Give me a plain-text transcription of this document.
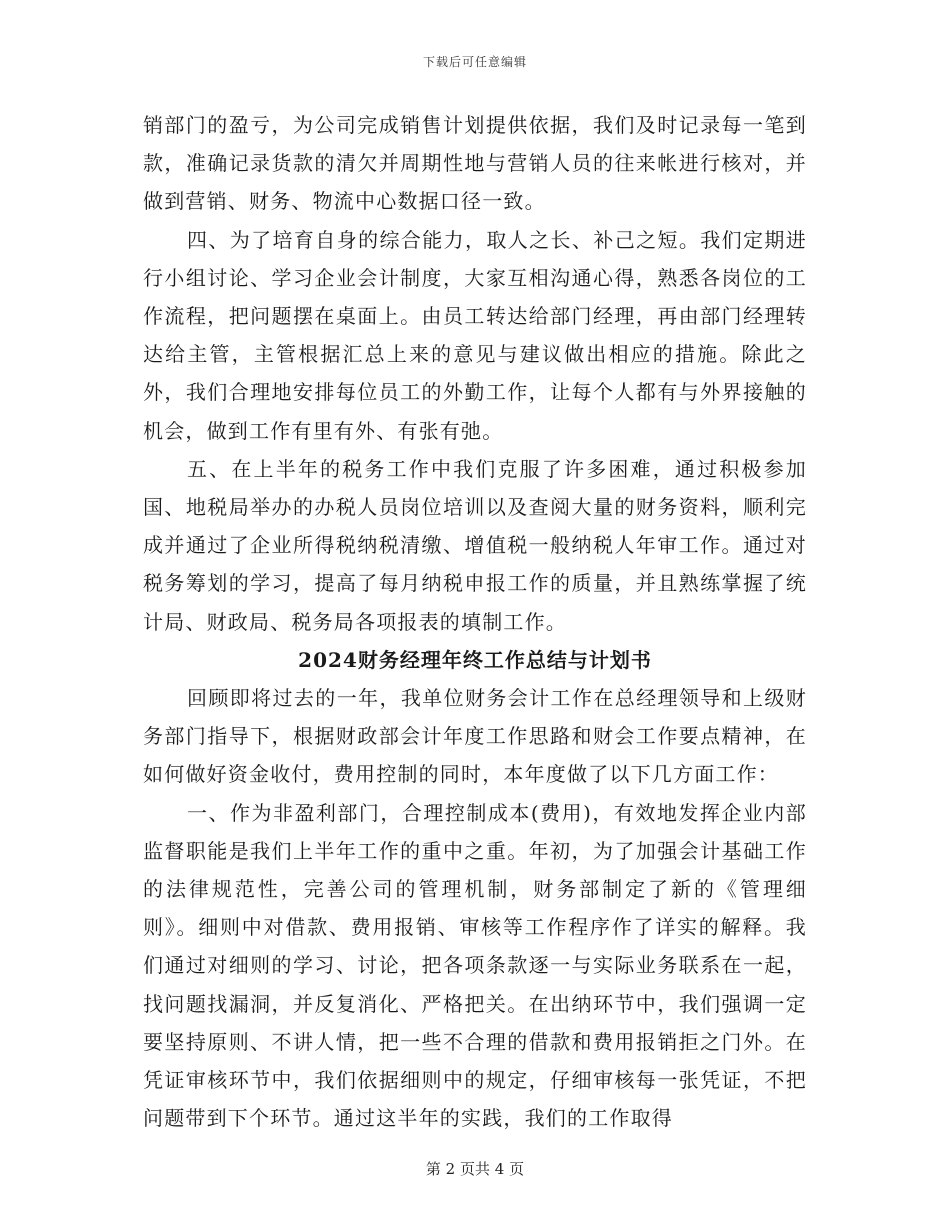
下载后可任意编辑

销部门的盈亏，为公司完成销售计划提供依据，我们及时记录每一笔到款，准确记录货款的清欠并周期性地与营销人员的往来帐进行核对，并做到营销、财务、物流中心数据口径一致。

四、为了培育自身的综合能力，取人之长、补己之短。我们定期进行小组讨论、学习企业会计制度，大家互相沟通心得，熟悉各岗位的工作流程，把问题摆在桌面上。由员工转达给部门经理，再由部门经理转达给主管，主管根据汇总上来的意见与建议做出相应的措施。除此之外，我们合理地安排每位员工的外勤工作，让每个人都有与外界接触的机会，做到工作有里有外、有张有弛。

五、在上半年的税务工作中我们克服了许多困难，通过积极参加国、地税局举办的办税人员岗位培训以及查阅大量的财务资料，顺利完成并通过了企业所得税纳税清缴、增值税一般纳税人年审工作。通过对税务筹划的学习，提高了每月纳税申报工作的质量，并且熟练掌握了统计局、财政局、税务局各项报表的填制工作。

2024财务经理年终工作总结与计划书

回顾即将过去的一年，我单位财务会计工作在总经理领导和上级财务部门指导下，根据财政部会计年度工作思路和财会工作要点精神，在如何做好资金收付，费用控制的同时，本年度做了以下几方面工作：

一、作为非盈利部门，合理控制成本(费用)，有效地发挥企业内部监督职能是我们上半年工作的重中之重。年初，为了加强会计基础工作的法律规范性，完善公司的管理机制，财务部制定了新的《管理细则》。细则中对借款、费用报销、审核等工作程序作了详实的解释。我们通过对细则的学习、讨论，把各项条款逐一与实际业务联系在一起，找问题找漏洞，并反复消化、严格把关。在出纳环节中，我们强调一定要坚持原则、不讲人情，把一些不合理的借款和费用报销拒之门外。在凭证审核环节中，我们依据细则中的规定，仔细审核每一张凭证，不把问题带到下个环节。通过这半年的实践，我们的工作取得

第 2 页共 4 页
